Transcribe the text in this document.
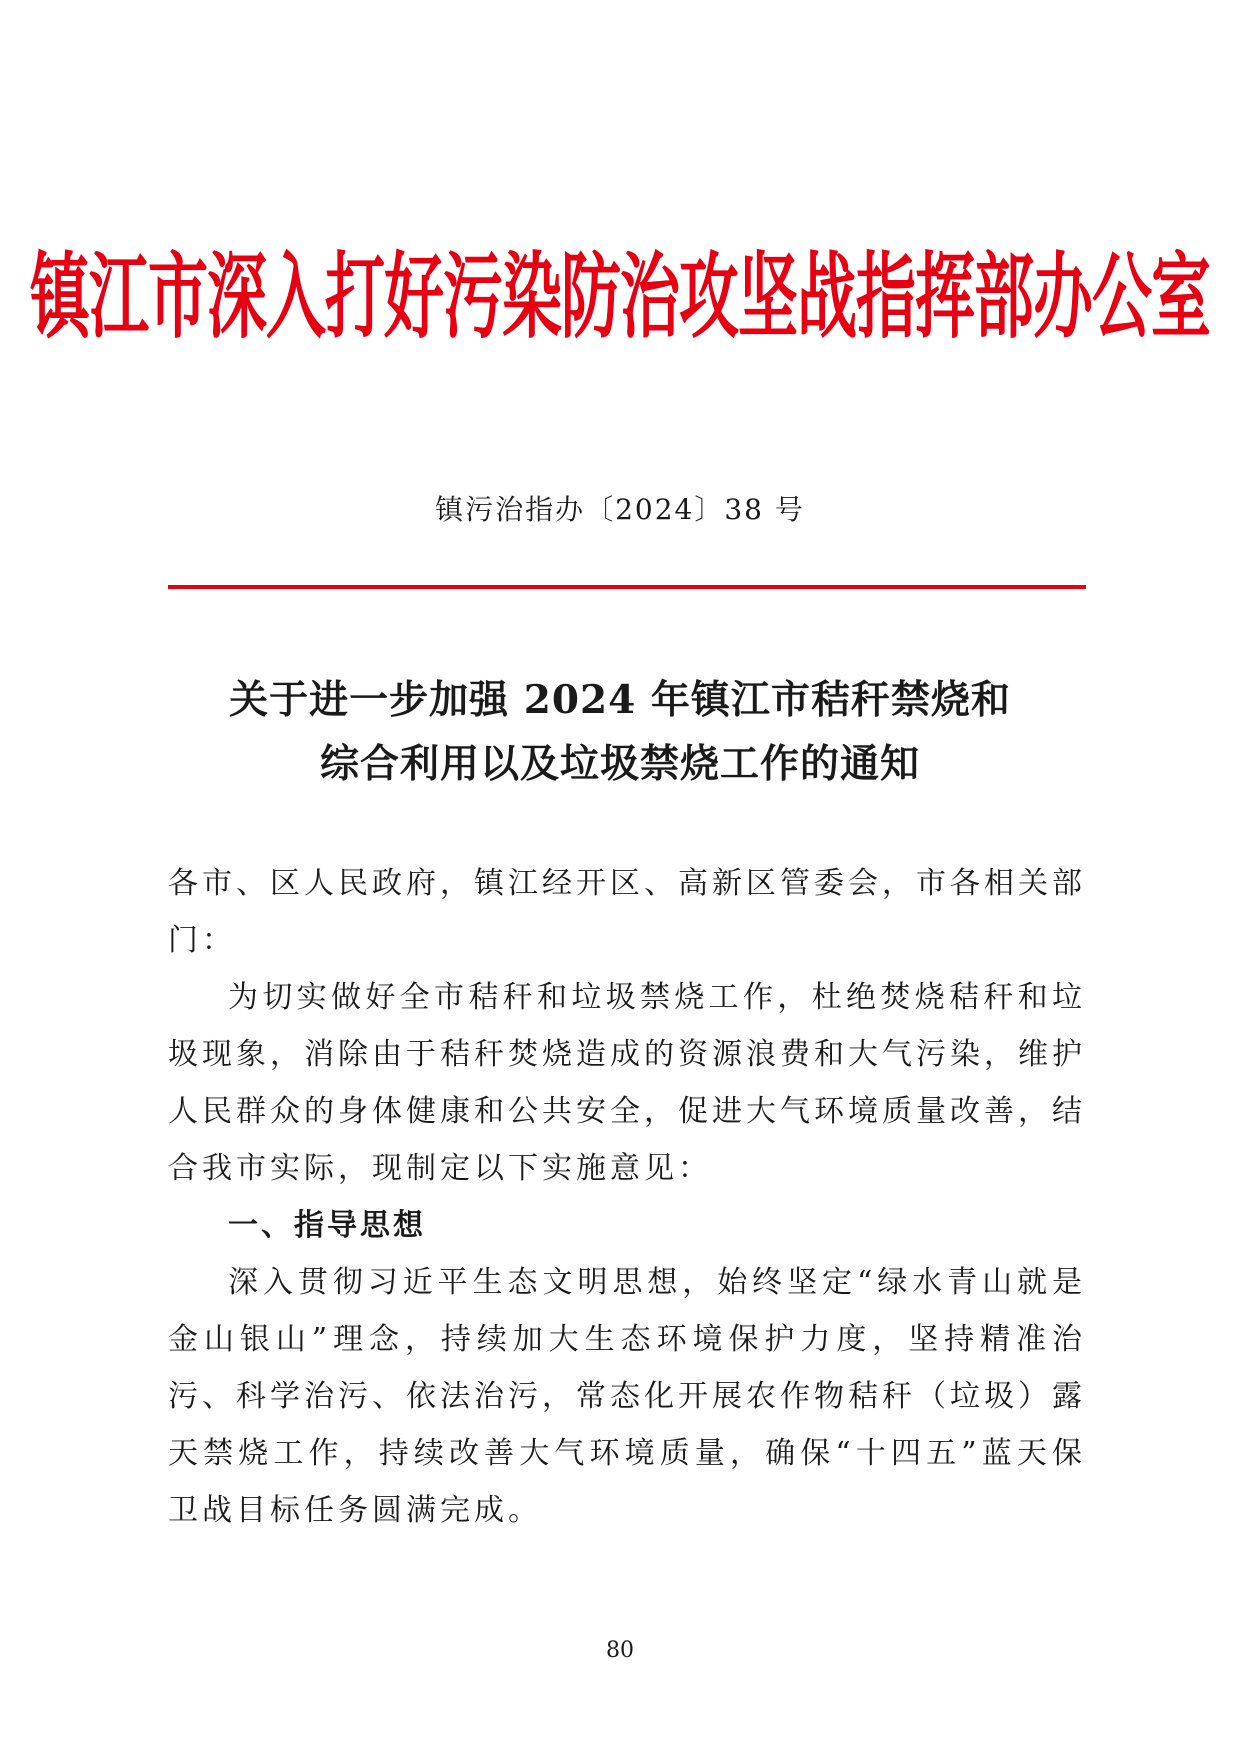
镇江市深入打好污染防治攻坚战指挥部办公室
镇污治指办〔2024〕38 号
关于进一步加强 2024 年镇江市秸秆禁烧和
综合利用以及垃圾禁烧工作的通知

各市、区人民政府，镇江经开区、高新区管委会，市各相关部门：

为切实做好全市秸秆和垃圾禁烧工作，杜绝焚烧秸秆和垃圾现象，消除由于秸秆焚烧造成的资源浪费和大气污染，维护人民群众的身体健康和公共安全，促进大气环境质量改善，结合我市实际，现制定以下实施意见：

一、指导思想

深入贯彻习近平生态文明思想，始终坚定“绿水青山就是金山银山”理念，持续加大生态环境保护力度，坚持精准治污、科学治污、依法治污，常态化开展农作物秸秆（垃圾）露天禁烧工作，持续改善大气环境质量，确保“十四五”蓝天保卫战目标任务圆满完成。

80
